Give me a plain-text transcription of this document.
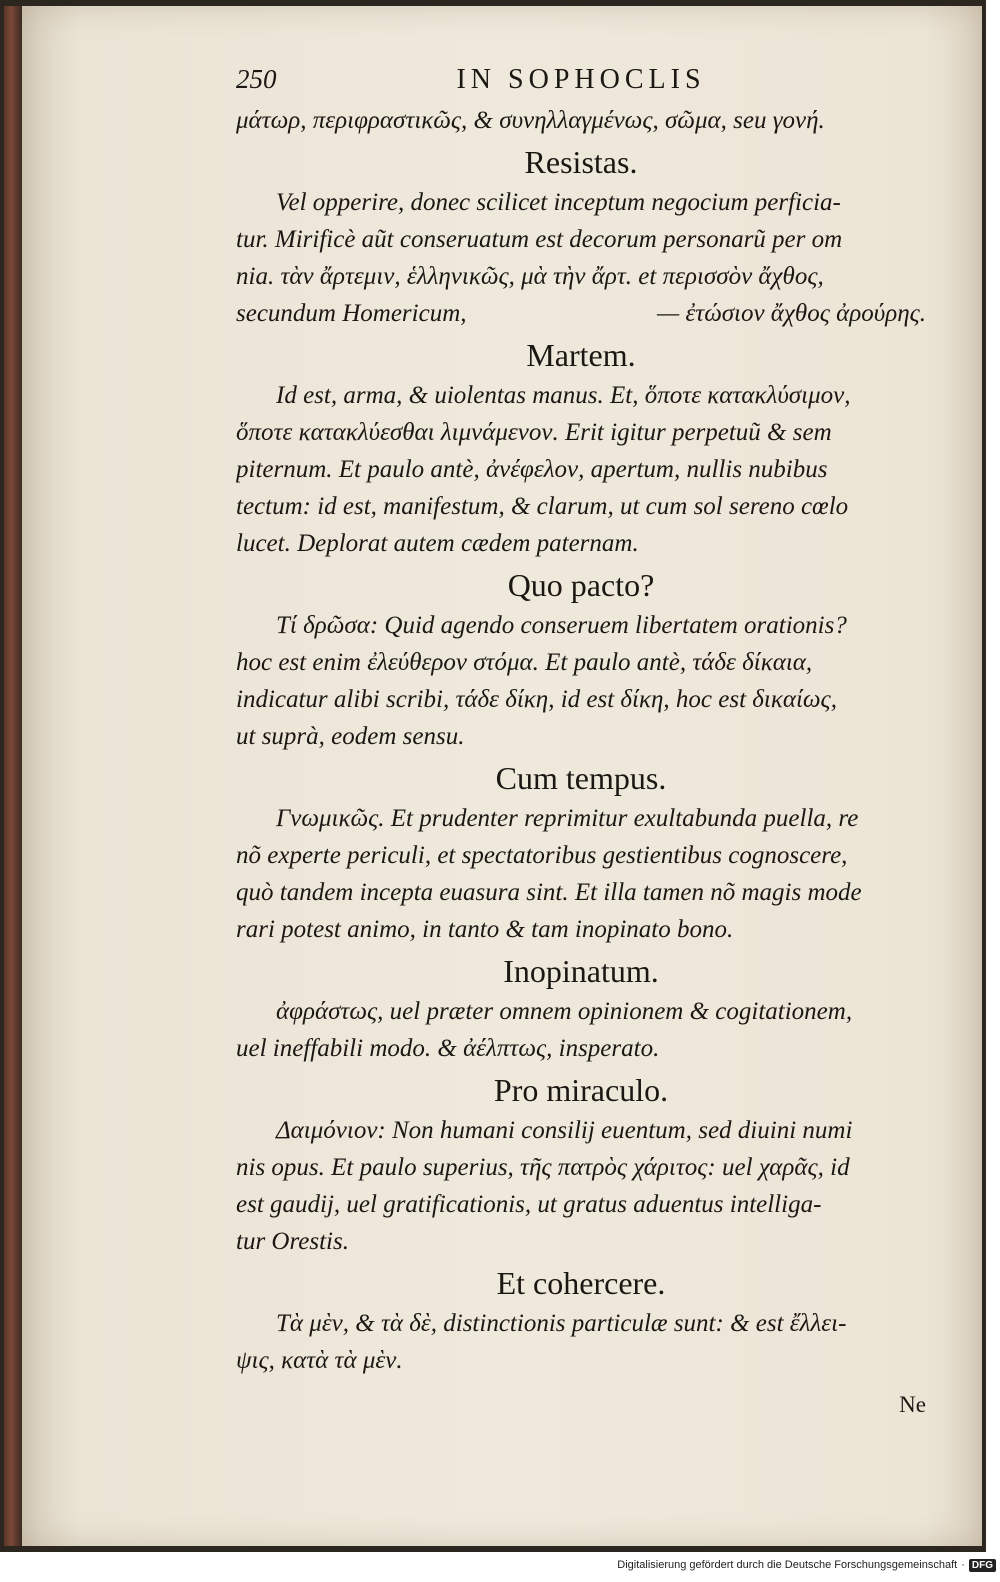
250	IN SOPHOCLIS
μάτωρ, περιφραστικῶς, & συνηλλαγμένως, σῶμα, seu γονή.
Resistas.
Vel opperire, donec scilicet inceptum negocium perficia-
tur. Mirificè aũt conseruatum est decorum personarũ per om
nia. τὰν ἄρτεμιν, ἑλληνικῶς, μὰ τὴν ἄρτ. et περισσὸν ἄχθος,
secundum Homericum,	— ἐτώσιον ἄχθος ἀρούρης.
Martem.
Id est, arma, & uiolentas manus. Et, ὅποτε κατακλύσιμον,
ὅποτε κατακλύεσθαι λιμνάμενον. Erit igitur perpetuũ & sem
piternum. Et paulo antè, ἀνέφελον, apertum, nullis nubibus
tectum: id est, manifestum, & clarum, ut cum sol sereno cœlo
lucet. Deplorat autem cædem paternam.
Quo pacto?
Τί δρῶσα: Quid agendo conseruem libertatem orationis?
hoc est enim ἐλεύθερον στόμα. Et paulo antè, τάδε δίκαια,
indicatur alibi scribi, τάδε δίκη, id est δίκη, hoc est δικαίως,
ut suprà, eodem sensu.
Cum tempus.
Γνωμικῶς. Et prudenter reprimitur exultabunda puella, re
nõ experte periculi, et spectatoribus gestientibus cognoscere,
quò tandem incepta euasura sint. Et illa tamen nõ magis mode
rari potest animo, in tanto & tam inopinato bono.
Inopinatum.
ἀφράστως, uel præter omnem opinionem & cogitationem,
uel ineffabili modo. & ἀέλπτως, insperato.
Pro miraculo.
Δαιμόνιον: Non humani consilij euentum, sed diuini numi
nis opus. Et paulo superius, τῆς πατρὸς χάριτος: uel χαρᾶς, id
est gaudij, uel gratificationis, ut gratus aduentus intelliga-
tur Orestis.
Et cohercere.
Τὰ μὲν, & τὰ δὲ, distinctionis particulæ sunt: & est ἔλλει-
ψις, κατὰ τὰ μὲν.
Ne
Digitalisierung gefördert durch die Deutsche Forschungsgemeinschaft · DFG
